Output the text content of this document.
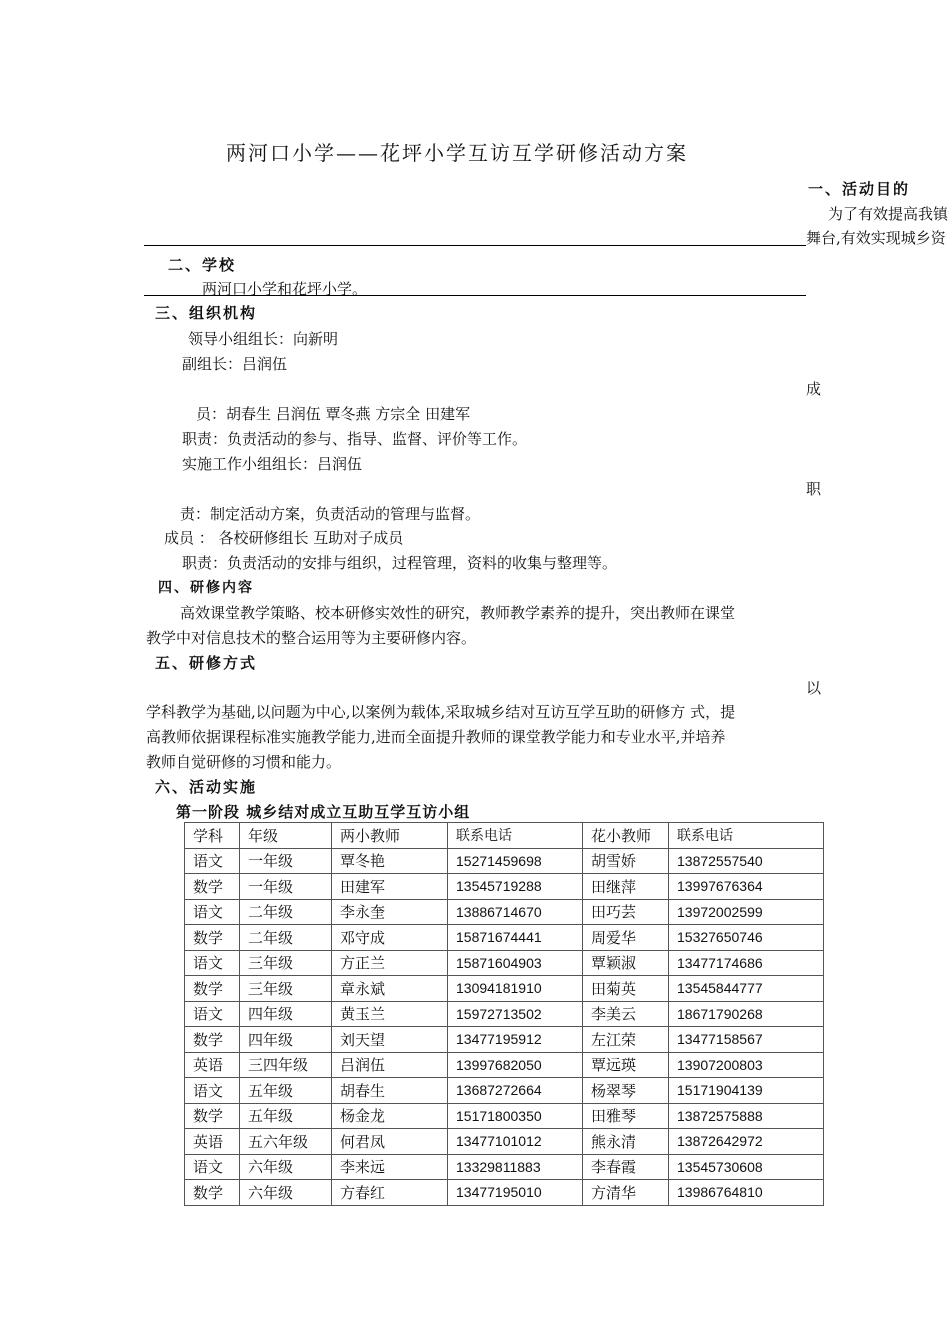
两河口小学——花坪小学互访互学研修活动方案
一、活动目的
为了有效提高我镇
舞台,有效实现城乡资
二、学校
两河口小学和花坪小学。
三、组织机构
领导小组组长：向新明
副组长：吕润伍
成
员：胡春生 吕润伍 覃冬燕 方宗全 田建军
职责：负责活动的参与、指导、监督、评价等工作。
实施工作小组组长：吕润伍
职
责：制定活动方案，负责活动的管理与监督。
成员 ： 各校研修组长 互助对子成员
职责：负责活动的安排与组织，过程管理，资料的收集与整理等。
四、研修内容
高效课堂教学策略、校本研修实效性的研究，教师教学素养的提升，突出教师在课堂
教学中对信息技术的整合运用等为主要研修内容。
五、研修方式
以
学科教学为基础,以问题为中心,以案例为载体,采取城乡结对互访互学互助的研修方 式，提
高教师依据课程标准实施教学能力,进而全面提升教师的课堂教学能力和专业水平,并培养
教师自觉研修的习惯和能力。
六、活动实施
第一阶段 城乡结对成立互助互学互访小组
学科	年级	两小教师	联系电话	花小教师	联系电话
语文	一年级	覃冬艳	15271459698	胡雪娇	13872557540
数学	一年级	田建军	13545719288	田继萍	13997676364
语文	二年级	李永奎	13886714670	田巧芸	13972002599
数学	二年级	邓守成	15871674441	周爱华	15327650746
语文	三年级	方正兰	15871604903	覃颖淑	13477174686
数学	三年级	章永斌	13094181910	田菊英	13545844777
语文	四年级	黄玉兰	15972713502	李美云	18671790268
数学	四年级	刘天望	13477195912	左江荣	13477158567
英语	三四年级	吕润伍	13997682050	覃远瑛	13907200803
语文	五年级	胡春生	13687272664	杨翠琴	15171904139
数学	五年级	杨金龙	15171800350	田雅琴	13872575888
英语	五六年级	何君凤	13477101012	熊永清	13872642972
语文	六年级	李来远	13329811883	李春霞	13545730608
数学	六年级	方春红	13477195010	方清华	13986764810
